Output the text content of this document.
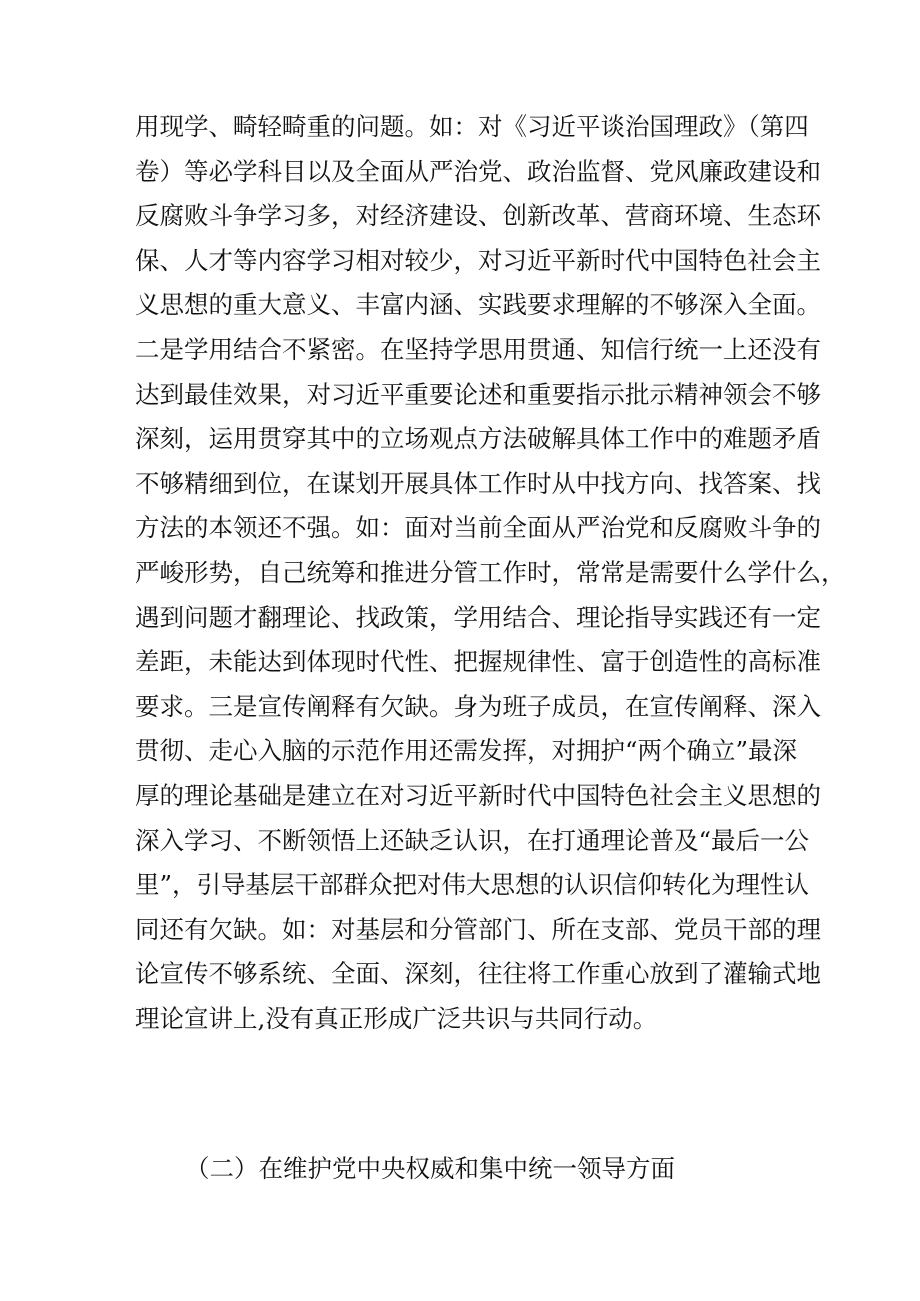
用现学、畸轻畸重的问题。如：对《习近平谈治国理政》（第四
卷）等必学科目以及全面从严治党、政治监督、党风廉政建设和
反腐败斗争学习多，对经济建设、创新改革、营商环境、生态环
保、人才等内容学习相对较少，对习近平新时代中国特色社会主
义思想的重大意义、丰富内涵、实践要求理解的不够深入全面。
二是学用结合不紧密。在坚持学思用贯通、知信行统一上还没有
达到最佳效果，对习近平重要论述和重要指示批示精神领会不够
深刻，运用贯穿其中的立场观点方法破解具体工作中的难题矛盾
不够精细到位，在谋划开展具体工作时从中找方向、找答案、找
方法的本领还不强。如：面对当前全面从严治党和反腐败斗争的
严峻形势，自己统筹和推进分管工作时，常常是需要什么学什么，
遇到问题才翻理论、找政策，学用结合、理论指导实践还有一定
差距，未能达到体现时代性、把握规律性、富于创造性的高标准
要求。三是宣传阐释有欠缺。身为班子成员，在宣传阐释、深入
贯彻、走心入脑的示范作用还需发挥，对拥护“两个确立”最深
厚的理论基础是建立在对习近平新时代中国特色社会主义思想的
深入学习、不断领悟上还缺乏认识，在打通理论普及“最后一公
里”，引导基层干部群众把对伟大思想的认识信仰转化为理性认
同还有欠缺。如：对基层和分管部门、所在支部、党员干部的理
论宣传不够系统、全面、深刻，往往将工作重心放到了灌输式地
理论宣讲上,没有真正形成广泛共识与共同行动。
（二）在维护党中央权威和集中统一领导方面
